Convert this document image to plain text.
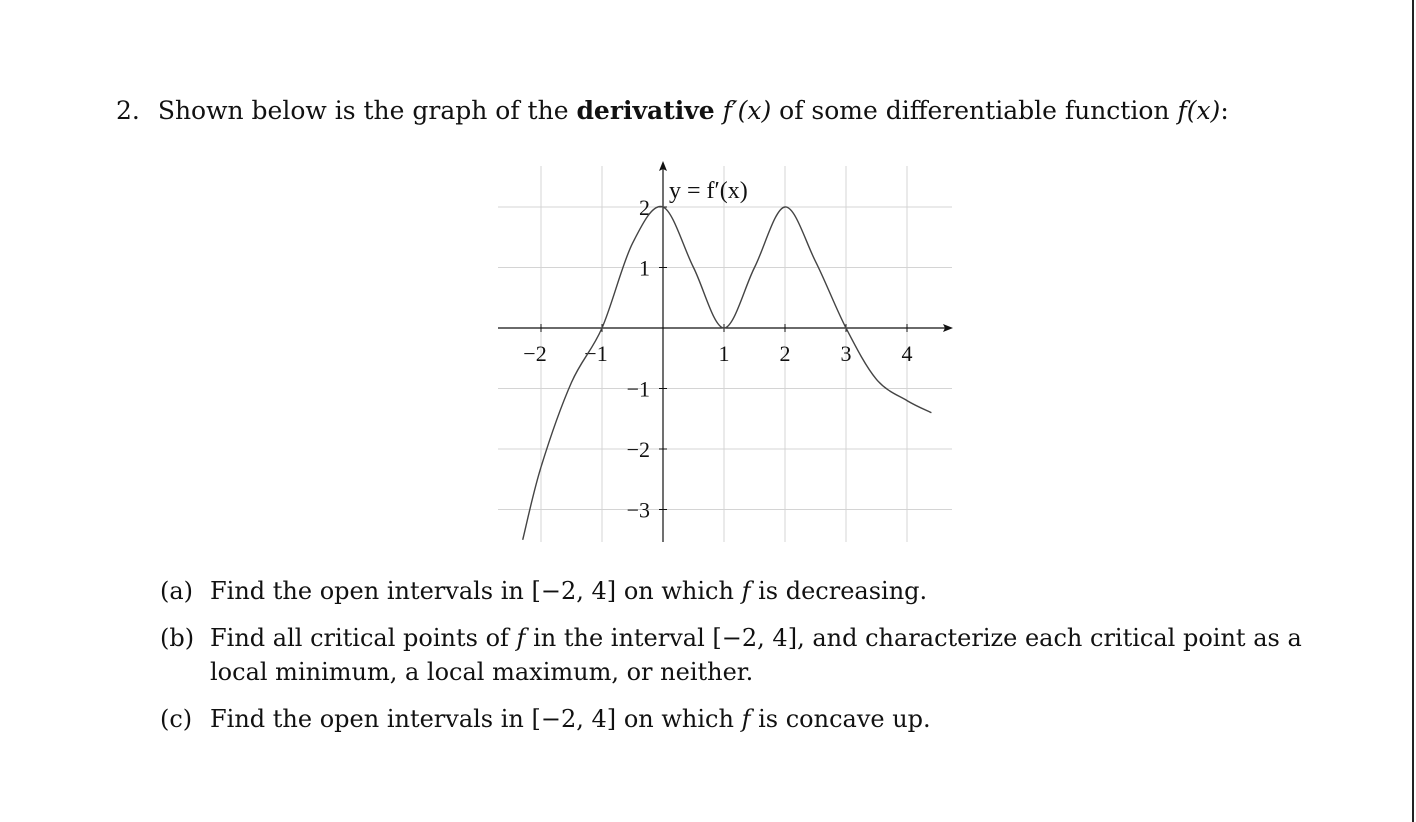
2. Shown below is the graph of the derivative f′(x) of some differentiable function f(x):
−2 −1	1 2 3 4
2
1
−1
−2
−3
y = f′(x)
(a) Find the open intervals in [−2, 4] on which f is decreasing.
(b) Find all critical points of f in the interval [−2, 4], and characterize each critical point as a local minimum, a local maximum, or neither.
(c) Find the open intervals in [−2, 4] on which f is concave up.
